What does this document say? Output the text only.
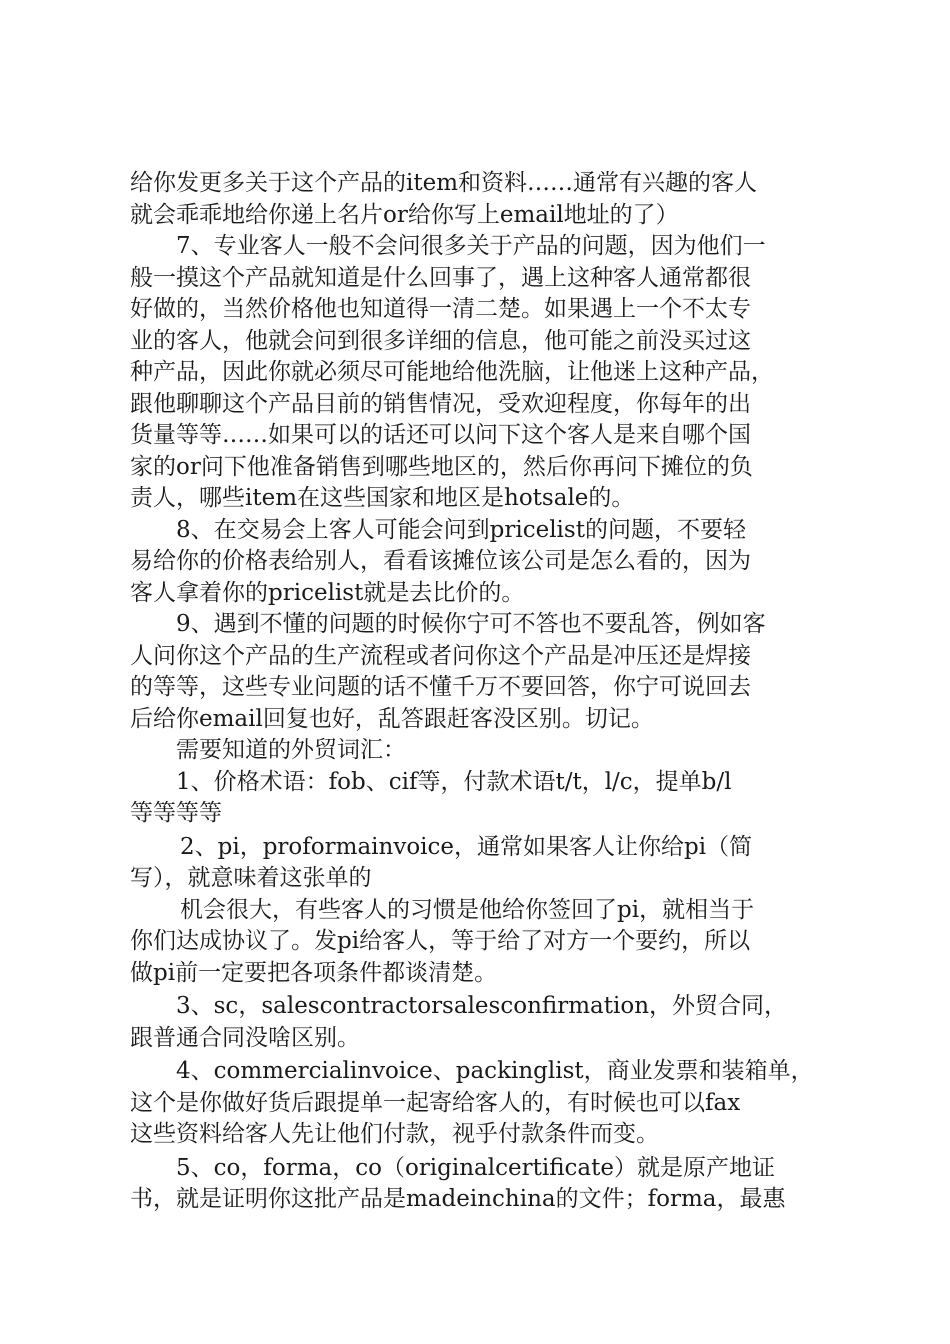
给你发更多关于这个产品的item和资料……通常有兴趣的客人
就会乖乖地给你递上名片or给你写上email地址的了）
7、专业客人一般不会问很多关于产品的问题，因为他们一
般一摸这个产品就知道是什么回事了，遇上这种客人通常都很
好做的，当然价格他也知道得一清二楚。如果遇上一个不太专
业的客人，他就会问到很多详细的信息，他可能之前没买过这
种产品，因此你就必须尽可能地给他洗脑，让他迷上这种产品，
跟他聊聊这个产品目前的销售情况，受欢迎程度，你每年的出
货量等等……如果可以的话还可以问下这个客人是来自哪个国
家的or问下他准备销售到哪些地区的，然后你再问下摊位的负
责人，哪些item在这些国家和地区是hotsale的。
8、在交易会上客人可能会问到pricelist的问题，不要轻
易给你的价格表给别人，看看该摊位该公司是怎么看的，因为
客人拿着你的pricelist就是去比价的。
9、遇到不懂的问题的时候你宁可不答也不要乱答，例如客
人问你这个产品的生产流程或者问你这个产品是冲压还是焊接
的等等，这些专业问题的话不懂千万不要回答，你宁可说回去
后给你email回复也好，乱答跟赶客没区别。切记。
需要知道的外贸词汇：
1、价格术语：fob、cif等，付款术语t/t，l/c，提单b/l
等等等等
2、pi，proformainvoice，通常如果客人让你给pi（简
写），就意味着这张单的
机会很大，有些客人的习惯是他给你签回了pi，就相当于
你们达成协议了。发pi给客人，等于给了对方一个要约，所以
做pi前一定要把各项条件都谈清楚。
3、sc，salescontractorsalesconfirmation，外贸合同，
跟普通合同没啥区别。
4、commercialinvoice、packinglist，商业发票和装箱单，
这个是你做好货后跟提单一起寄给客人的，有时候也可以fax
这些资料给客人先让他们付款，视乎付款条件而变。
5、co，forma，co（originalcertificate）就是原产地证
书，就是证明你这批产品是madeinchina的文件；forma，最惠
